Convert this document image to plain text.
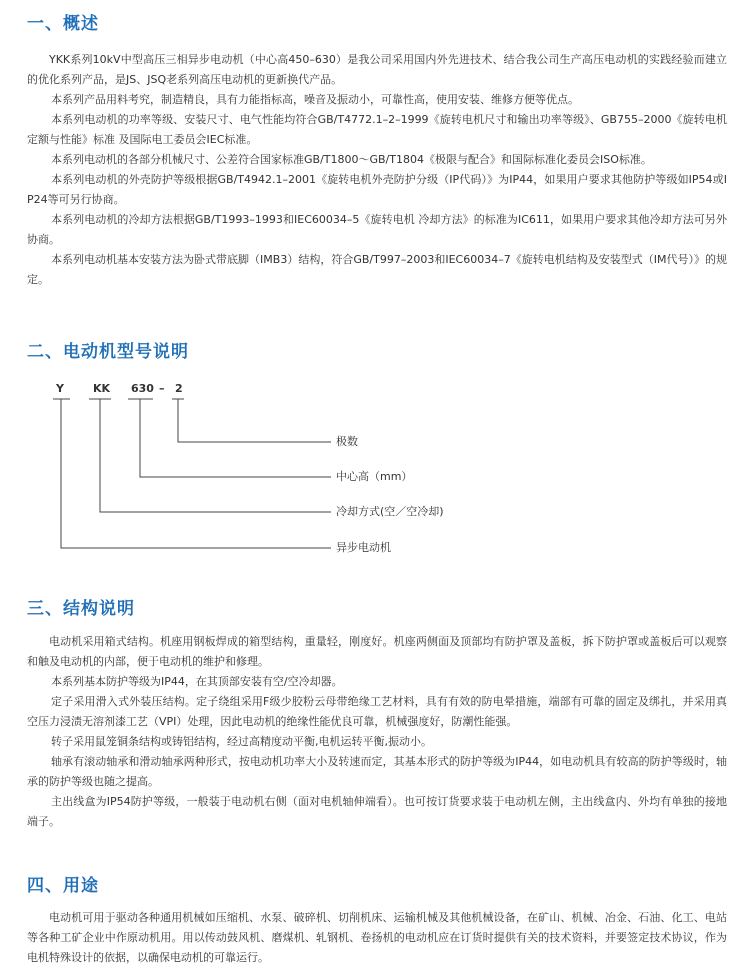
一、概述

YKK系列10kV中型高压三相异步电动机（中心高450–630）是我公司采用国内外先进技术、结合我公司生产高压电动机的实践经验而建立的优化系列产品，是JS、JSQ老系列高压电动机的更新换代产品。

本系列产品用料考究，制造精良，具有力能指标高，噪音及振动小，可靠性高，使用安装、维修方便等优点。

本系列电动机的功率等级、安装尺寸、电气性能均符合GB/T4772.1–2–1999《旋转电机尺寸和输出功率等级》、GB755–2000《旋转电机 定额与性能》标准 及国际电工委员会IEC标准。

本系列电动机的各部分机械尺寸、公差符合国家标准GB/T1800～GB/T1804《极限与配合》和国际标准化委员会ISO标准。

本系列电动机的外壳防护等级根据GB/T4942.1–2001《旋转电机外壳防护分级（IP代码）》为IP44，如果用户要求其他防护等级如IP54或IP24等可另行协商。

本系列电动机的冷却方法根据GB/T1993–1993和IEC60034–5《旋转电机 冷却方法》的标准为IC611，如果用户要求其他冷却方法可另外协商。

本系列电动机基本安装方法为卧式带底脚（IMB3）结构，符合GB/T997–2003和IEC60034–7《旋转电机结构及安装型式（IM代号）》的规定。

二、电动机型号说明
Y	KK 630 – 2
极数
中心高（mm）
冷却方式(空／空冷却)
异步电动机
三、结构说明

电动机采用箱式结构。机座用钢板焊成的箱型结构，重量轻，刚度好。机座两侧面及顶部均有防护罩及盖板，拆下防护罩或盖板后可以观察和触及电动机的内部，便于电动机的维护和修理。

本系列基本防护等级为IP44，在其顶部安装有空/空冷却器。

定子采用滑入式外装压结构。定子绕组采用F级少胶粉云母带绝缘工艺材料，具有有效的防电晕措施，端部有可靠的固定及绑扎，并采用真空压力浸渍无溶剂漆工艺（VPI）处理，因此电动机的绝缘性能优良可靠，机械强度好，防潮性能强。

转子采用鼠笼铜条结构或铸铝结构，经过高精度动平衡,电机运转平衡,振动小。

轴承有滚动轴承和滑动轴承两种形式，按电动机功率大小及转速而定，其基本形式的防护等级为IP44，如电动机具有较高的防护等级时，轴承的防护等级也随之提高。

主出线盒为IP54防护等级，一般装于电动机右侧（面对电机轴伸端看）。也可按订货要求装于电动机左侧，主出线盒内、外均有单独的接地端子。

四、用途

电动机可用于驱动各种通用机械如压缩机、水泵、破碎机、切削机床、运输机械及其他机械设备，在矿山、机械、冶金、石油、化工、电站等各种工矿企业中作原动机用。用以传动鼓风机、磨煤机、轧钢机、卷扬机的电动机应在订货时提供有关的技术资料，并要签定技术协议，作为电机特殊设计的依据，以确保电动机的可靠运行。
